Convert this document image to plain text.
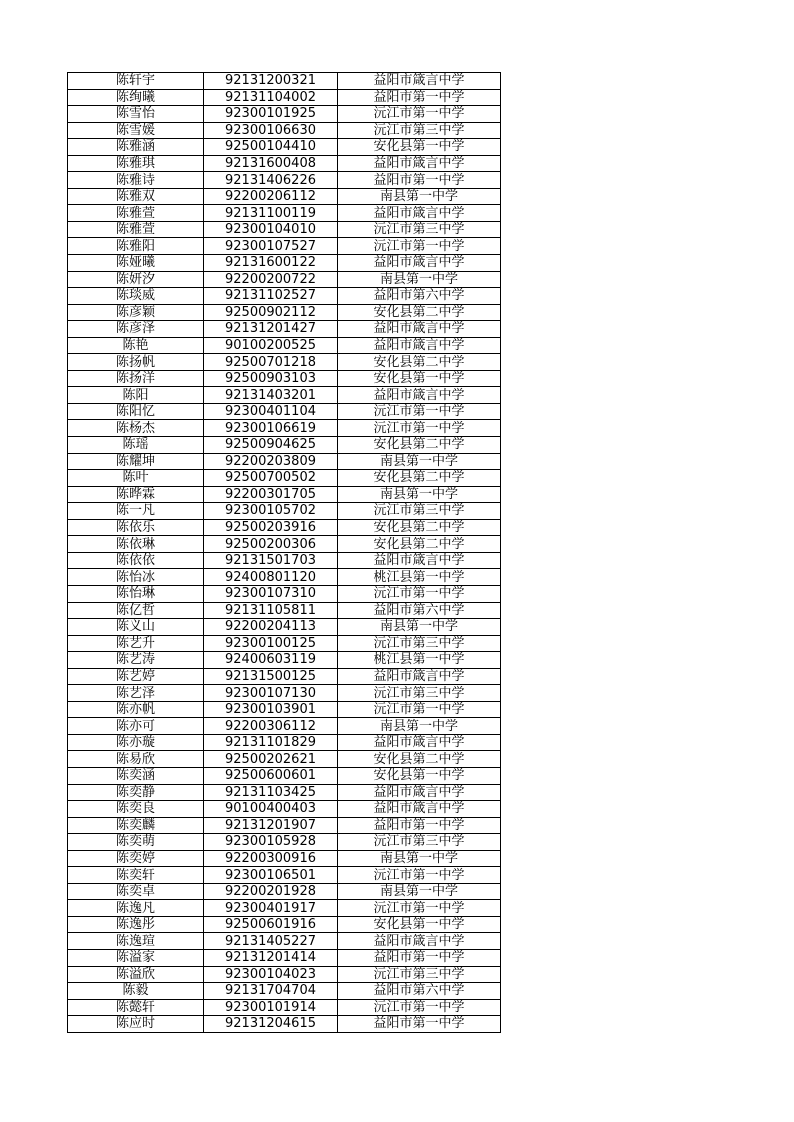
陈轩宇	92131200321	益阳市箴言中学
陈绚曦	92131104002	益阳市第一中学
陈雪怡	92300101925	沅江市第一中学
陈雪媛	92300106630	沅江市第三中学
陈雅涵	92500104410	安化县第一中学
陈雅琪	92131600408	益阳市箴言中学
陈雅诗	92131406226	益阳市第一中学
陈雅双	92200206112	南县第一中学
陈雅萱	92131100119	益阳市箴言中学
陈雅萱	92300104010	沅江市第三中学
陈雅阳	92300107527	沅江市第一中学
陈娅曦	92131600122	益阳市箴言中学
陈妍汐	92200200722	南县第一中学
陈琰威	92131102527	益阳市第六中学
陈彦颖	92500902112	安化县第二中学
陈彦泽	92131201427	益阳市箴言中学
陈艳	90100200525	益阳市箴言中学
陈扬帆	92500701218	安化县第二中学
陈扬洋	92500903103	安化县第一中学
陈阳	92131403201	益阳市箴言中学
陈阳忆	92300401104	沅江市第一中学
陈杨杰	92300106619	沅江市第一中学
陈瑶	92500904625	安化县第二中学
陈耀坤	92200203809	南县第一中学
陈叶	92500700502	安化县第二中学
陈晔霖	92200301705	南县第一中学
陈一凡	92300105702	沅江市第三中学
陈依乐	92500203916	安化县第二中学
陈依琳	92500200306	安化县第二中学
陈依依	92131501703	益阳市箴言中学
陈怡冰	92400801120	桃江县第一中学
陈怡琳	92300107310	沅江市第一中学
陈亿哲	92131105811	益阳市第六中学
陈义山	92200204113	南县第一中学
陈艺升	92300100125	沅江市第三中学
陈艺涛	92400603119	桃江县第一中学
陈艺婷	92131500125	益阳市箴言中学
陈艺泽	92300107130	沅江市第三中学
陈亦帆	92300103901	沅江市第一中学
陈亦可	92200306112	南县第一中学
陈亦璇	92131101829	益阳市箴言中学
陈易欣	92500202621	安化县第二中学
陈奕涵	92500600601	安化县第一中学
陈奕静	92131103425	益阳市箴言中学
陈奕良	90100400403	益阳市箴言中学
陈奕麟	92131201907	益阳市第一中学
陈奕萌	92300105928	沅江市第三中学
陈奕婷	92200300916	南县第一中学
陈奕轩	92300106501	沅江市第一中学
陈奕卓	92200201928	南县第一中学
陈逸凡	92300401917	沅江市第一中学
陈逸彤	92500601916	安化县第一中学
陈逸瑄	92131405227	益阳市箴言中学
陈溢家	92131201414	益阳市第一中学
陈溢欣	92300104023	沅江市第三中学
陈毅	92131704704	益阳市第六中学
陈懿轩	92300101914	沅江市第一中学
陈应时	92131204615	益阳市第一中学
